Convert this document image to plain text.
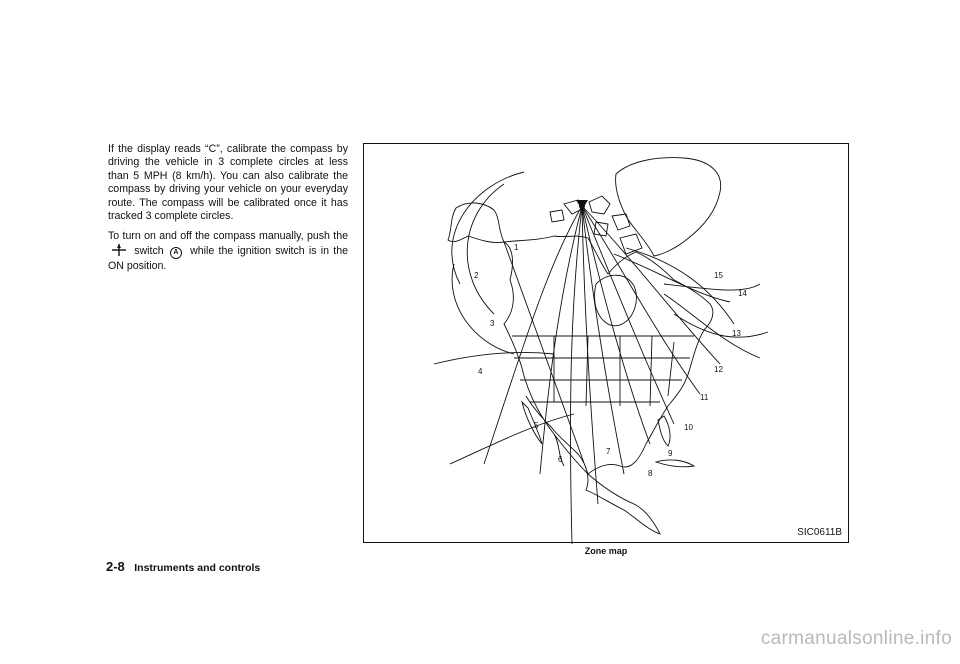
If the display reads “C”, calibrate the compass by driving the vehicle in 3 complete circles at less than 5 MPH (8 km/h). You can also calibrate the compass by driving your vehicle on your everyday route. The compass will be calibrated once it has tracked 3 complete circles.

To turn on and off the compass manually, push the  switch A while the ignition switch is in the ON position.

1
2
3
4
5
6
7
8
9
10
11
12
13
14
15
SIC0611B
Zone map
2-8 Instruments and controls
carmanualsonline.info
